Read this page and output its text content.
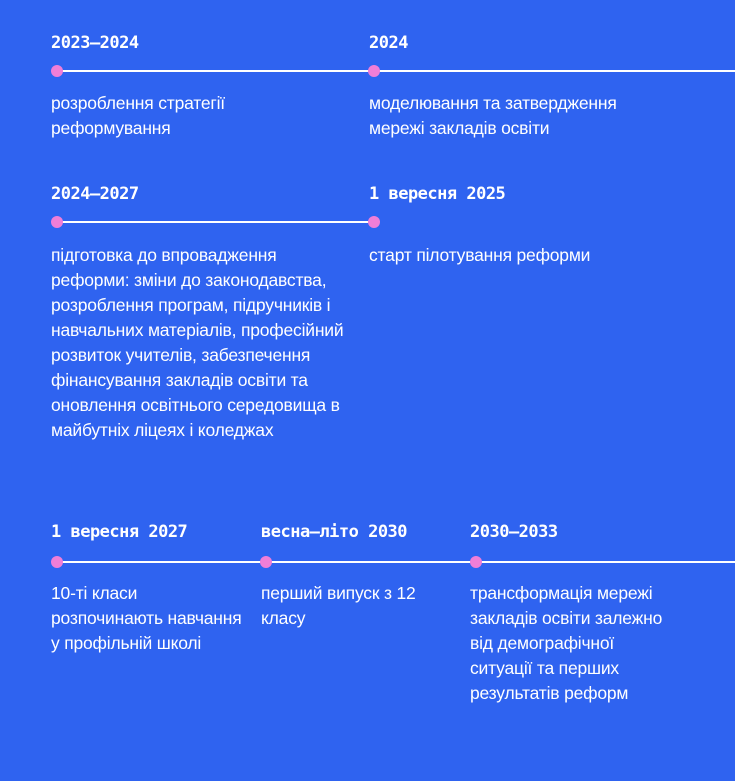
2023–2024
розроблення стратегії реформування
2024
моделювання та затвердження мережі закладів освіти
2024–2027
підготовка до впровадження реформи: зміни до законодавства, розроблення програм, підручників і навчальних матеріалів, професійний розвиток учителів, забезпечення фінансування закладів освіти та оновлення освітнього середовища в майбутніх ліцеях і коледжах
1 вересня 2025
старт пілотування реформи
1 вересня 2027
10-ті класи розпочинають навчання у профільній школі
весна–літо 2030
перший випуск з 12 класу
2030–2033
трансформація мережі закладів освіти залежно від демографічної ситуації та перших результатів реформ
